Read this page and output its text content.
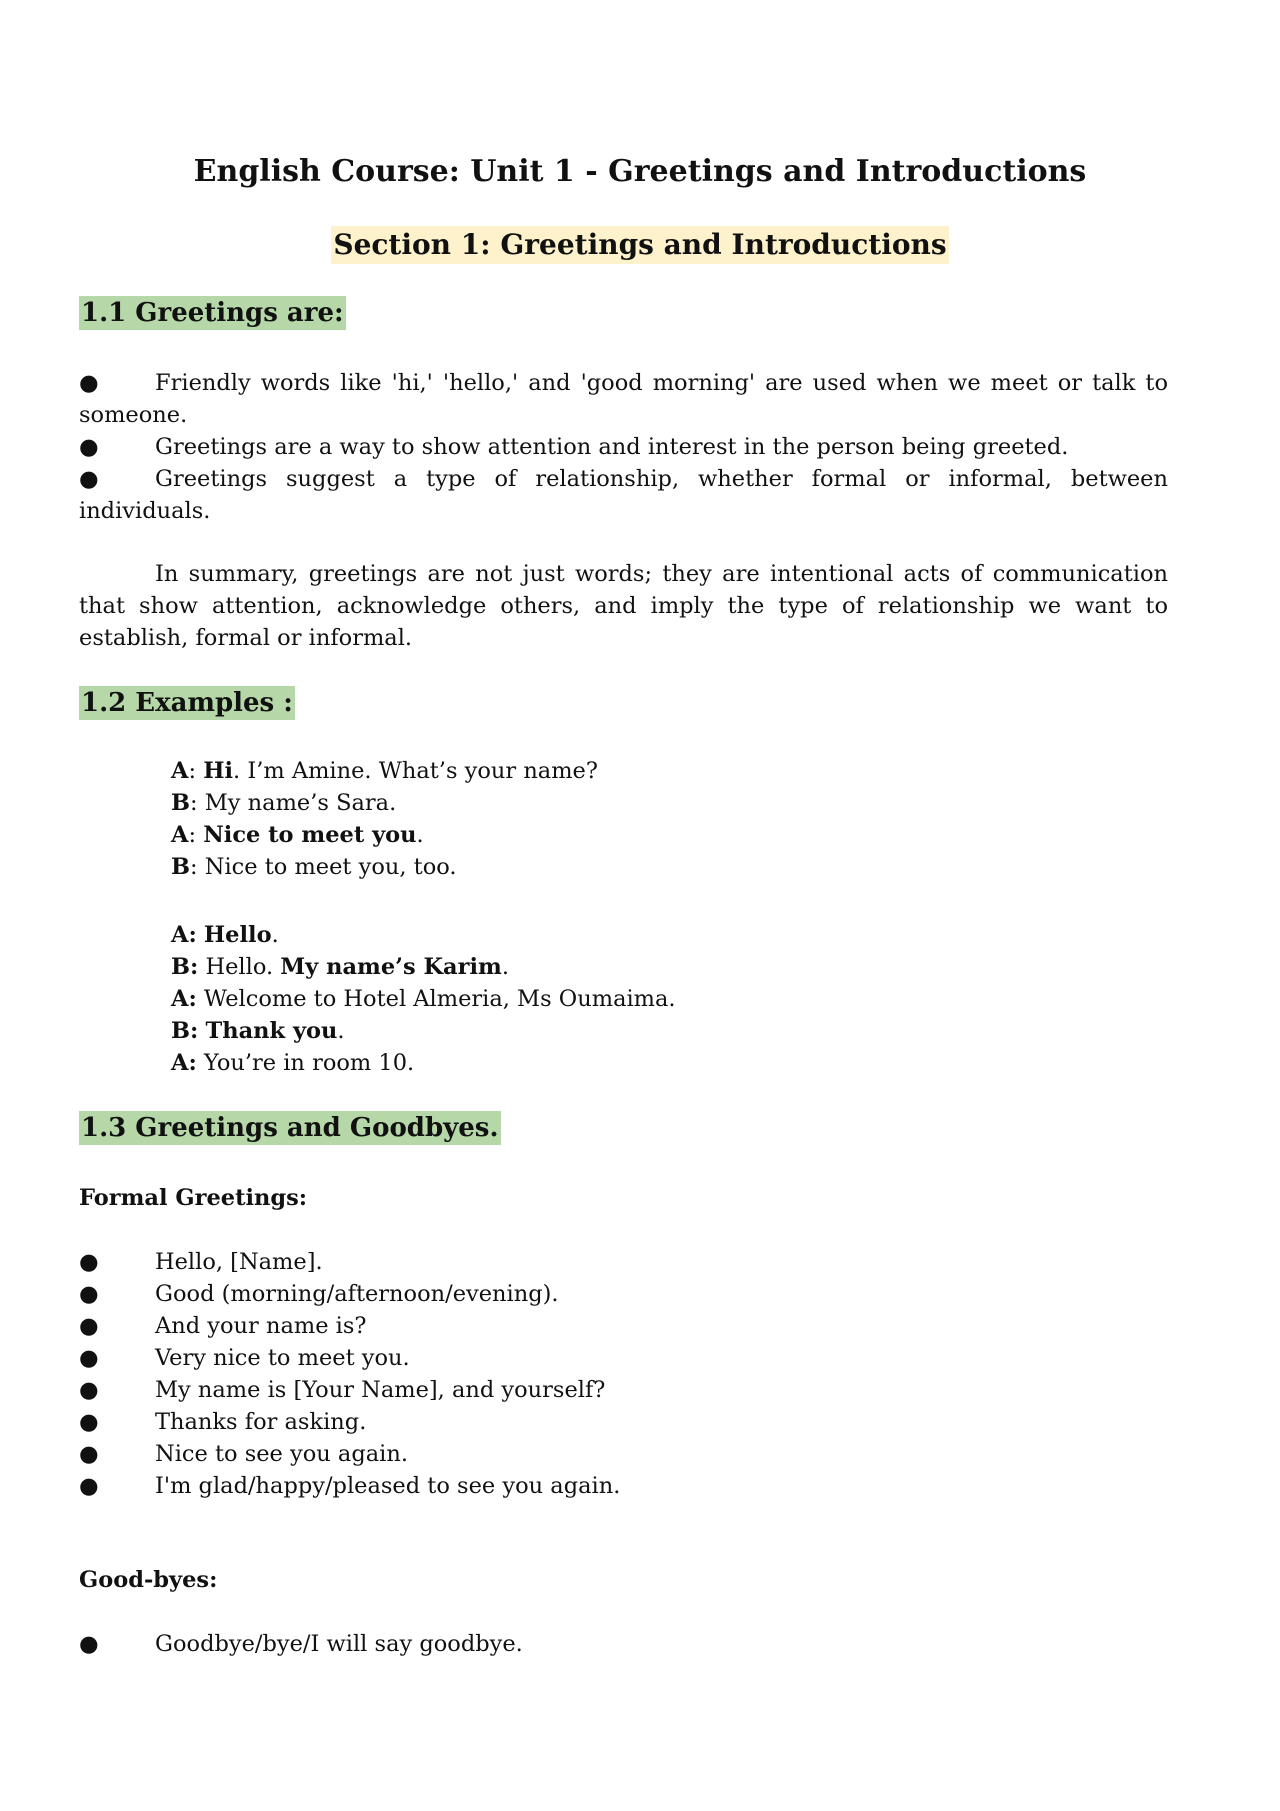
English Course: Unit 1 - Greetings and Introductions
Section 1: Greetings and Introductions
1.1 Greetings are:
●	Friendly words like 'hi,' 'hello,' and 'good morning' are used when we meet or talk to someone.
●	Greetings are a way to show attention and interest in the person being greeted.
●	Greetings suggest a type of relationship, whether formal or informal, between individuals.

In summary, greetings are not just words; they are intentional acts of communication that show attention, acknowledge others, and imply the type of relationship we want to establish, formal or informal.

1.2 Examples :
A: Hi. I’m Amine. What’s your name?
B: My name’s Sara.
A: Nice to meet you.
B: Nice to meet you, too.
A: Hello.
B: Hello. My name’s Karim.
A: Welcome to Hotel Almeria, Ms Oumaima.
B: Thank you.
A: You’re in room 10.
1.3 Greetings and Goodbyes.

Formal Greetings:

●	Hello, [Name].
●	Good (morning/afternoon/evening).
●	And your name is?
●	Very nice to meet you.
●	My name is [Your Name], and yourself?
●	Thanks for asking.
●	Nice to see you again.
●	I'm glad/happy/pleased to see you again.

Good-byes:

●	Goodbye/bye/I will say goodbye.
